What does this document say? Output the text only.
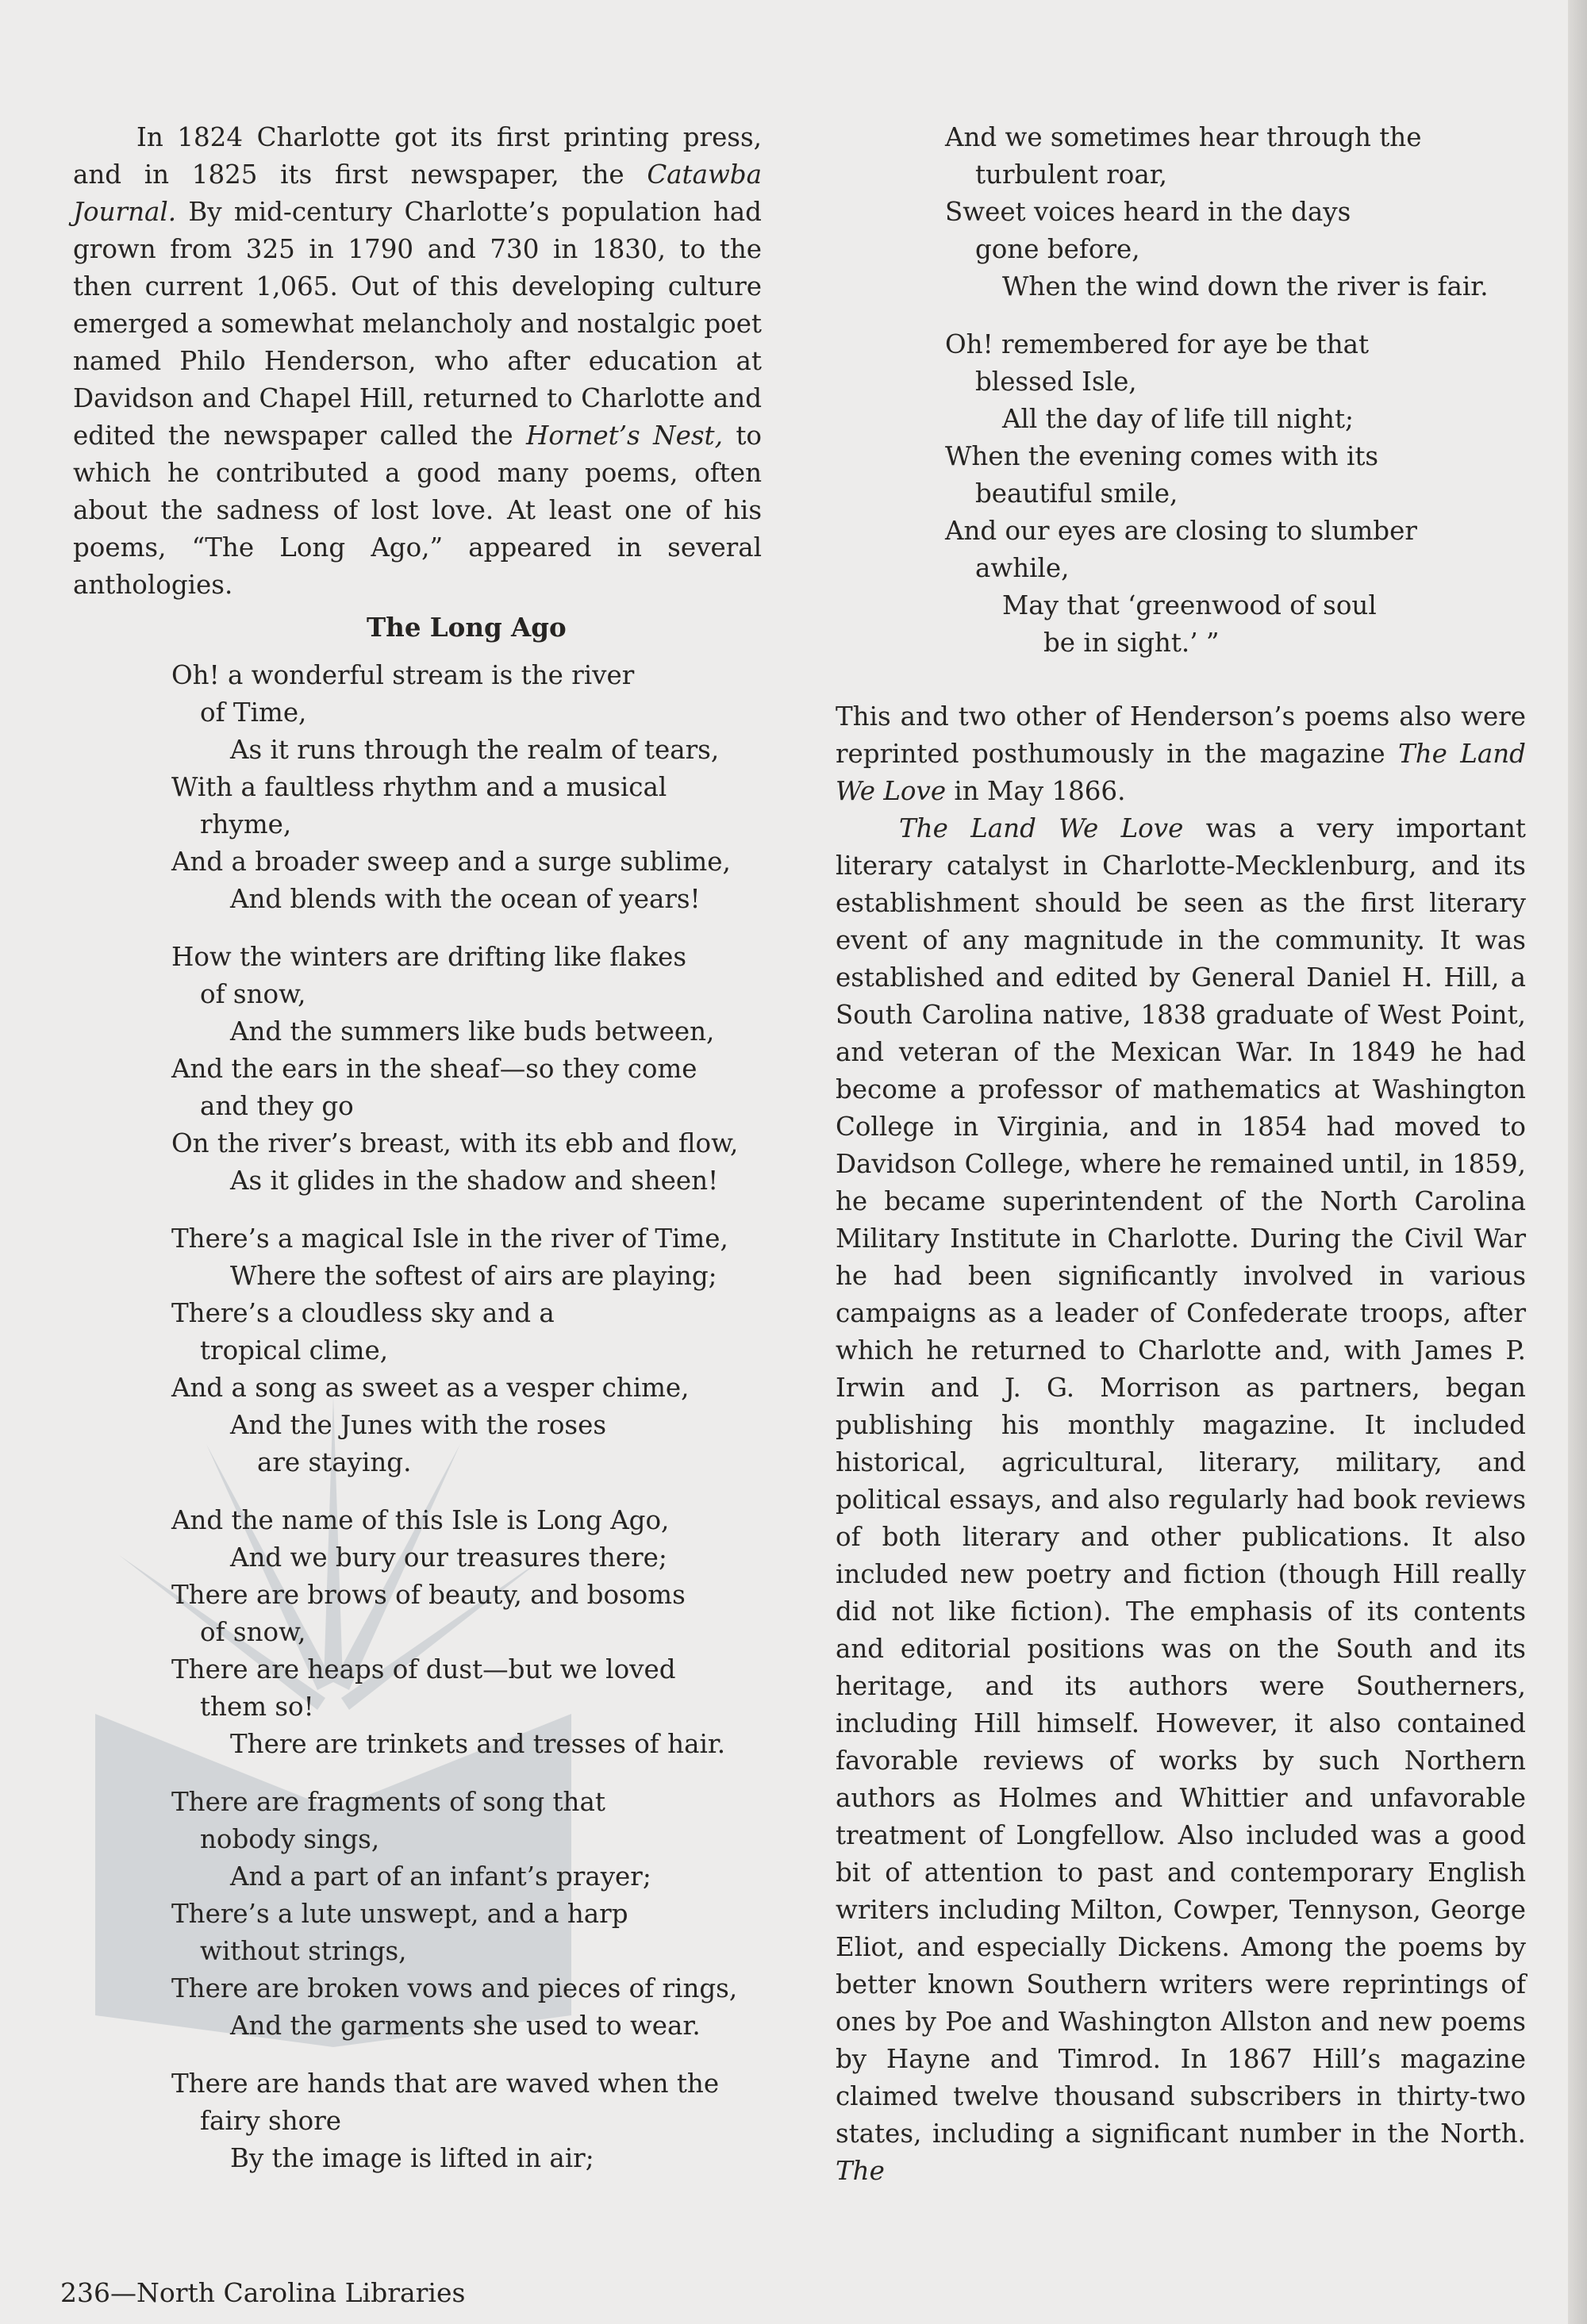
In 1824 Charlotte got its first printing press, and in 1825 its first newspaper, the Catawba Journal. By mid-century Charlotte’s population had grown from 325 in 1790 and 730 in 1830, to the then current 1,065. Out of this developing culture emerged a somewhat melancholy and nostalgic poet named Philo Henderson, who after education at Davidson and Chapel Hill, returned to Charlotte and edited the newspaper called the Hornet’s Nest, to which he contributed a good many poems, often about the sadness of lost love. At least one of his poems, “The Long Ago,” appeared in several anthologies.

The Long Ago

Oh! a wonderful stream is the river
of Time,
As it runs through the realm of tears,
With a faultless rhythm and a musical
rhyme,
And a broader sweep and a surge sublime,
And blends with the ocean of years!
How the winters are drifting like flakes
of snow,
And the summers like buds between,
And the ears in the sheaf—so they come
and they go
On the river’s breast, with its ebb and flow,
As it glides in the shadow and sheen!
There’s a magical Isle in the river of Time,
Where the softest of airs are playing;
There’s a cloudless sky and a
tropical clime,
And a song as sweet as a vesper chime,
And the Junes with the roses
are staying.
And the name of this Isle is Long Ago,
And we bury our treasures there;
There are brows of beauty, and bosoms
of snow,
There are heaps of dust—but we loved
them so!
There are trinkets and tresses of hair.
There are fragments of song that
nobody sings,
And a part of an infant’s prayer;
There’s a lute unswept, and a harp
without strings,
There are broken vows and pieces of rings,
And the garments she used to wear.
There are hands that are waved when the
fairy shore
By the image is lifted in air;
And we sometimes hear through the
turbulent roar,
Sweet voices heard in the days
gone before,
When the wind down the river is fair.
Oh! remembered for aye be that
blessed Isle,
All the day of life till night;
When the evening comes with its
beautiful smile,
And our eyes are closing to slumber
awhile,
May that ‘greenwood of soul
be in sight.’ ”

This and two other of Henderson’s poems also were reprinted posthumously in the magazine The Land We Love in May 1866.

The Land We Love was a very important literary catalyst in Charlotte-Mecklenburg, and its establishment should be seen as the first literary event of any magnitude in the community. It was established and edited by General Daniel H. Hill, a South Carolina native, 1838 graduate of West Point, and veteran of the Mexican War. In 1849 he had become a professor of mathematics at Washington College in Virginia, and in 1854 had moved to Davidson College, where he remained until, in 1859, he became superintendent of the North Carolina Military Institute in Charlotte. During the Civil War he had been significantly involved in various campaigns as a leader of Confederate troops, after which he returned to Charlotte and, with James P. Irwin and J. G. Morrison as partners, began publishing his monthly magazine. It included historical, agricultural, literary, military, and political essays, and also regularly had book reviews of both literary and other publications. It also included new poetry and fiction (though Hill really did not like fiction). The emphasis of its contents and editorial positions was on the South and its heritage, and its authors were Southerners, including Hill himself. However, it also contained favorable reviews of works by such Northern authors as Holmes and Whittier and unfavorable treatment of Longfellow. Also included was a good bit of attention to past and contemporary English writers including Milton, Cowper, Tennyson, George Eliot, and especially Dickens. Among the poems by better known Southern writers were reprintings of ones by Poe and Washington Allston and new poems by Hayne and Timrod. In 1867 Hill’s magazine claimed twelve thousand subscribers in thirty-two states, including a significant number in the North. The

236—North Carolina Libraries
